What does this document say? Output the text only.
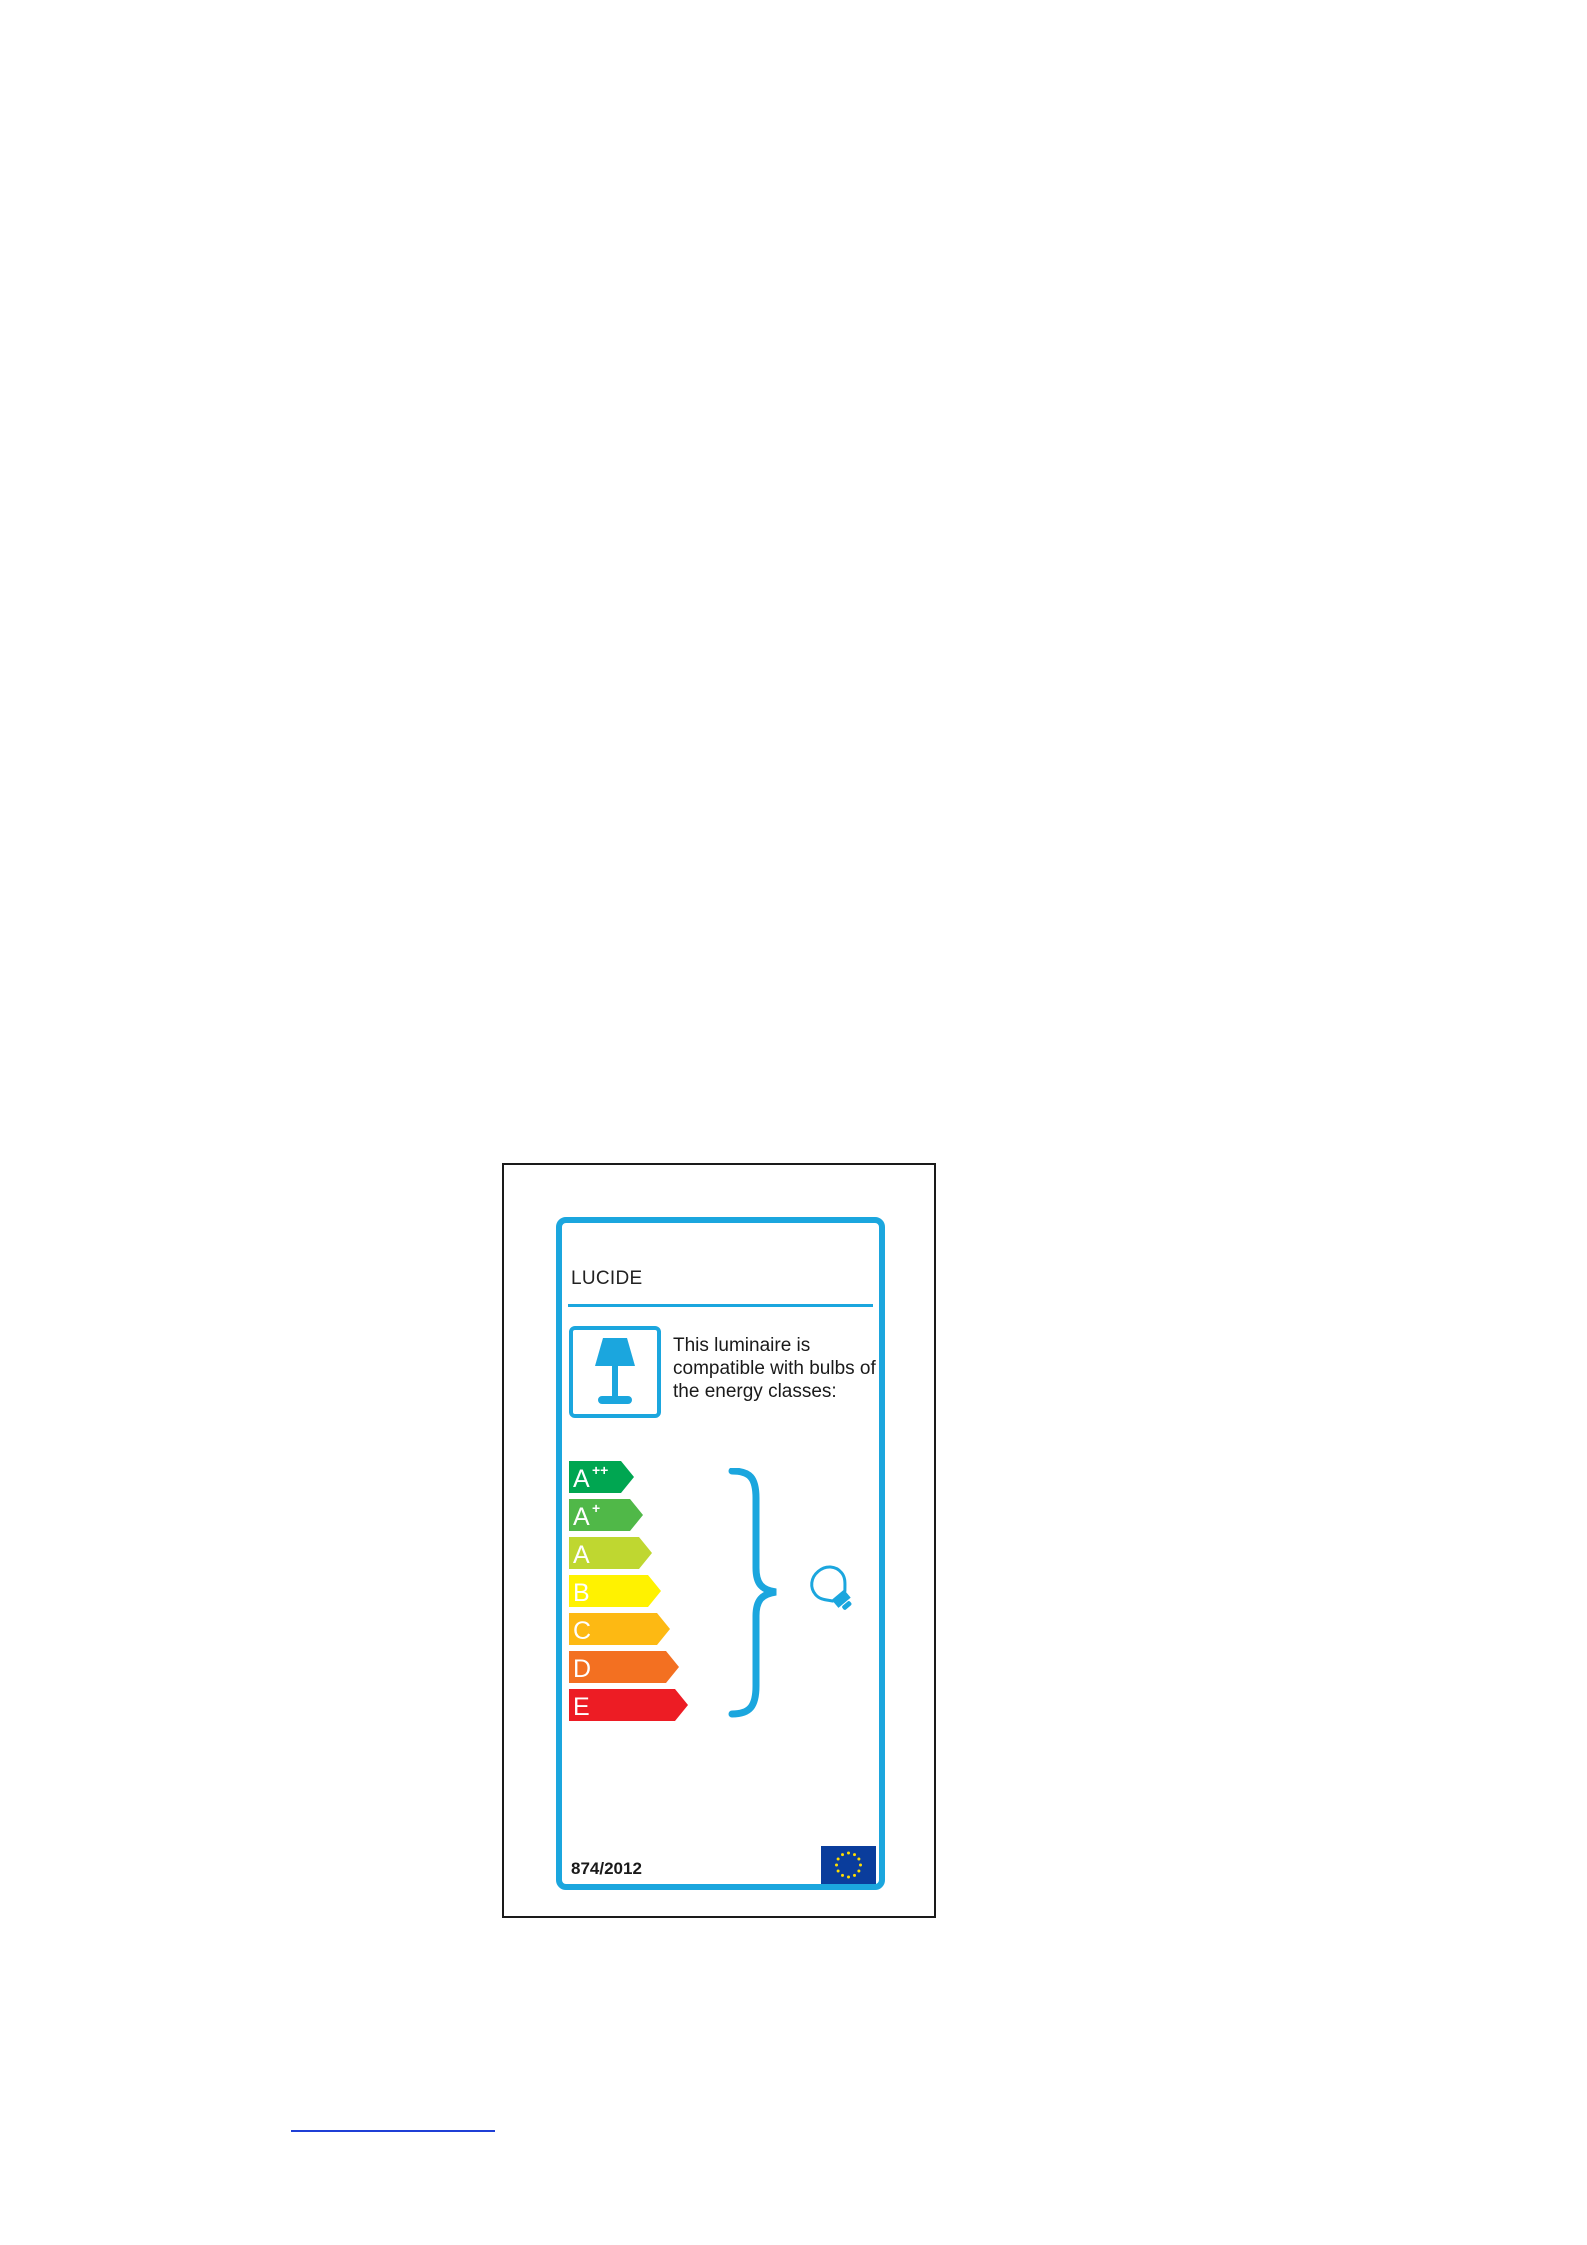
LUCIDE
This luminaire is compatible with bulbs of the energy classes:
A ++
A +
A
B
C
D
E
874/2012
